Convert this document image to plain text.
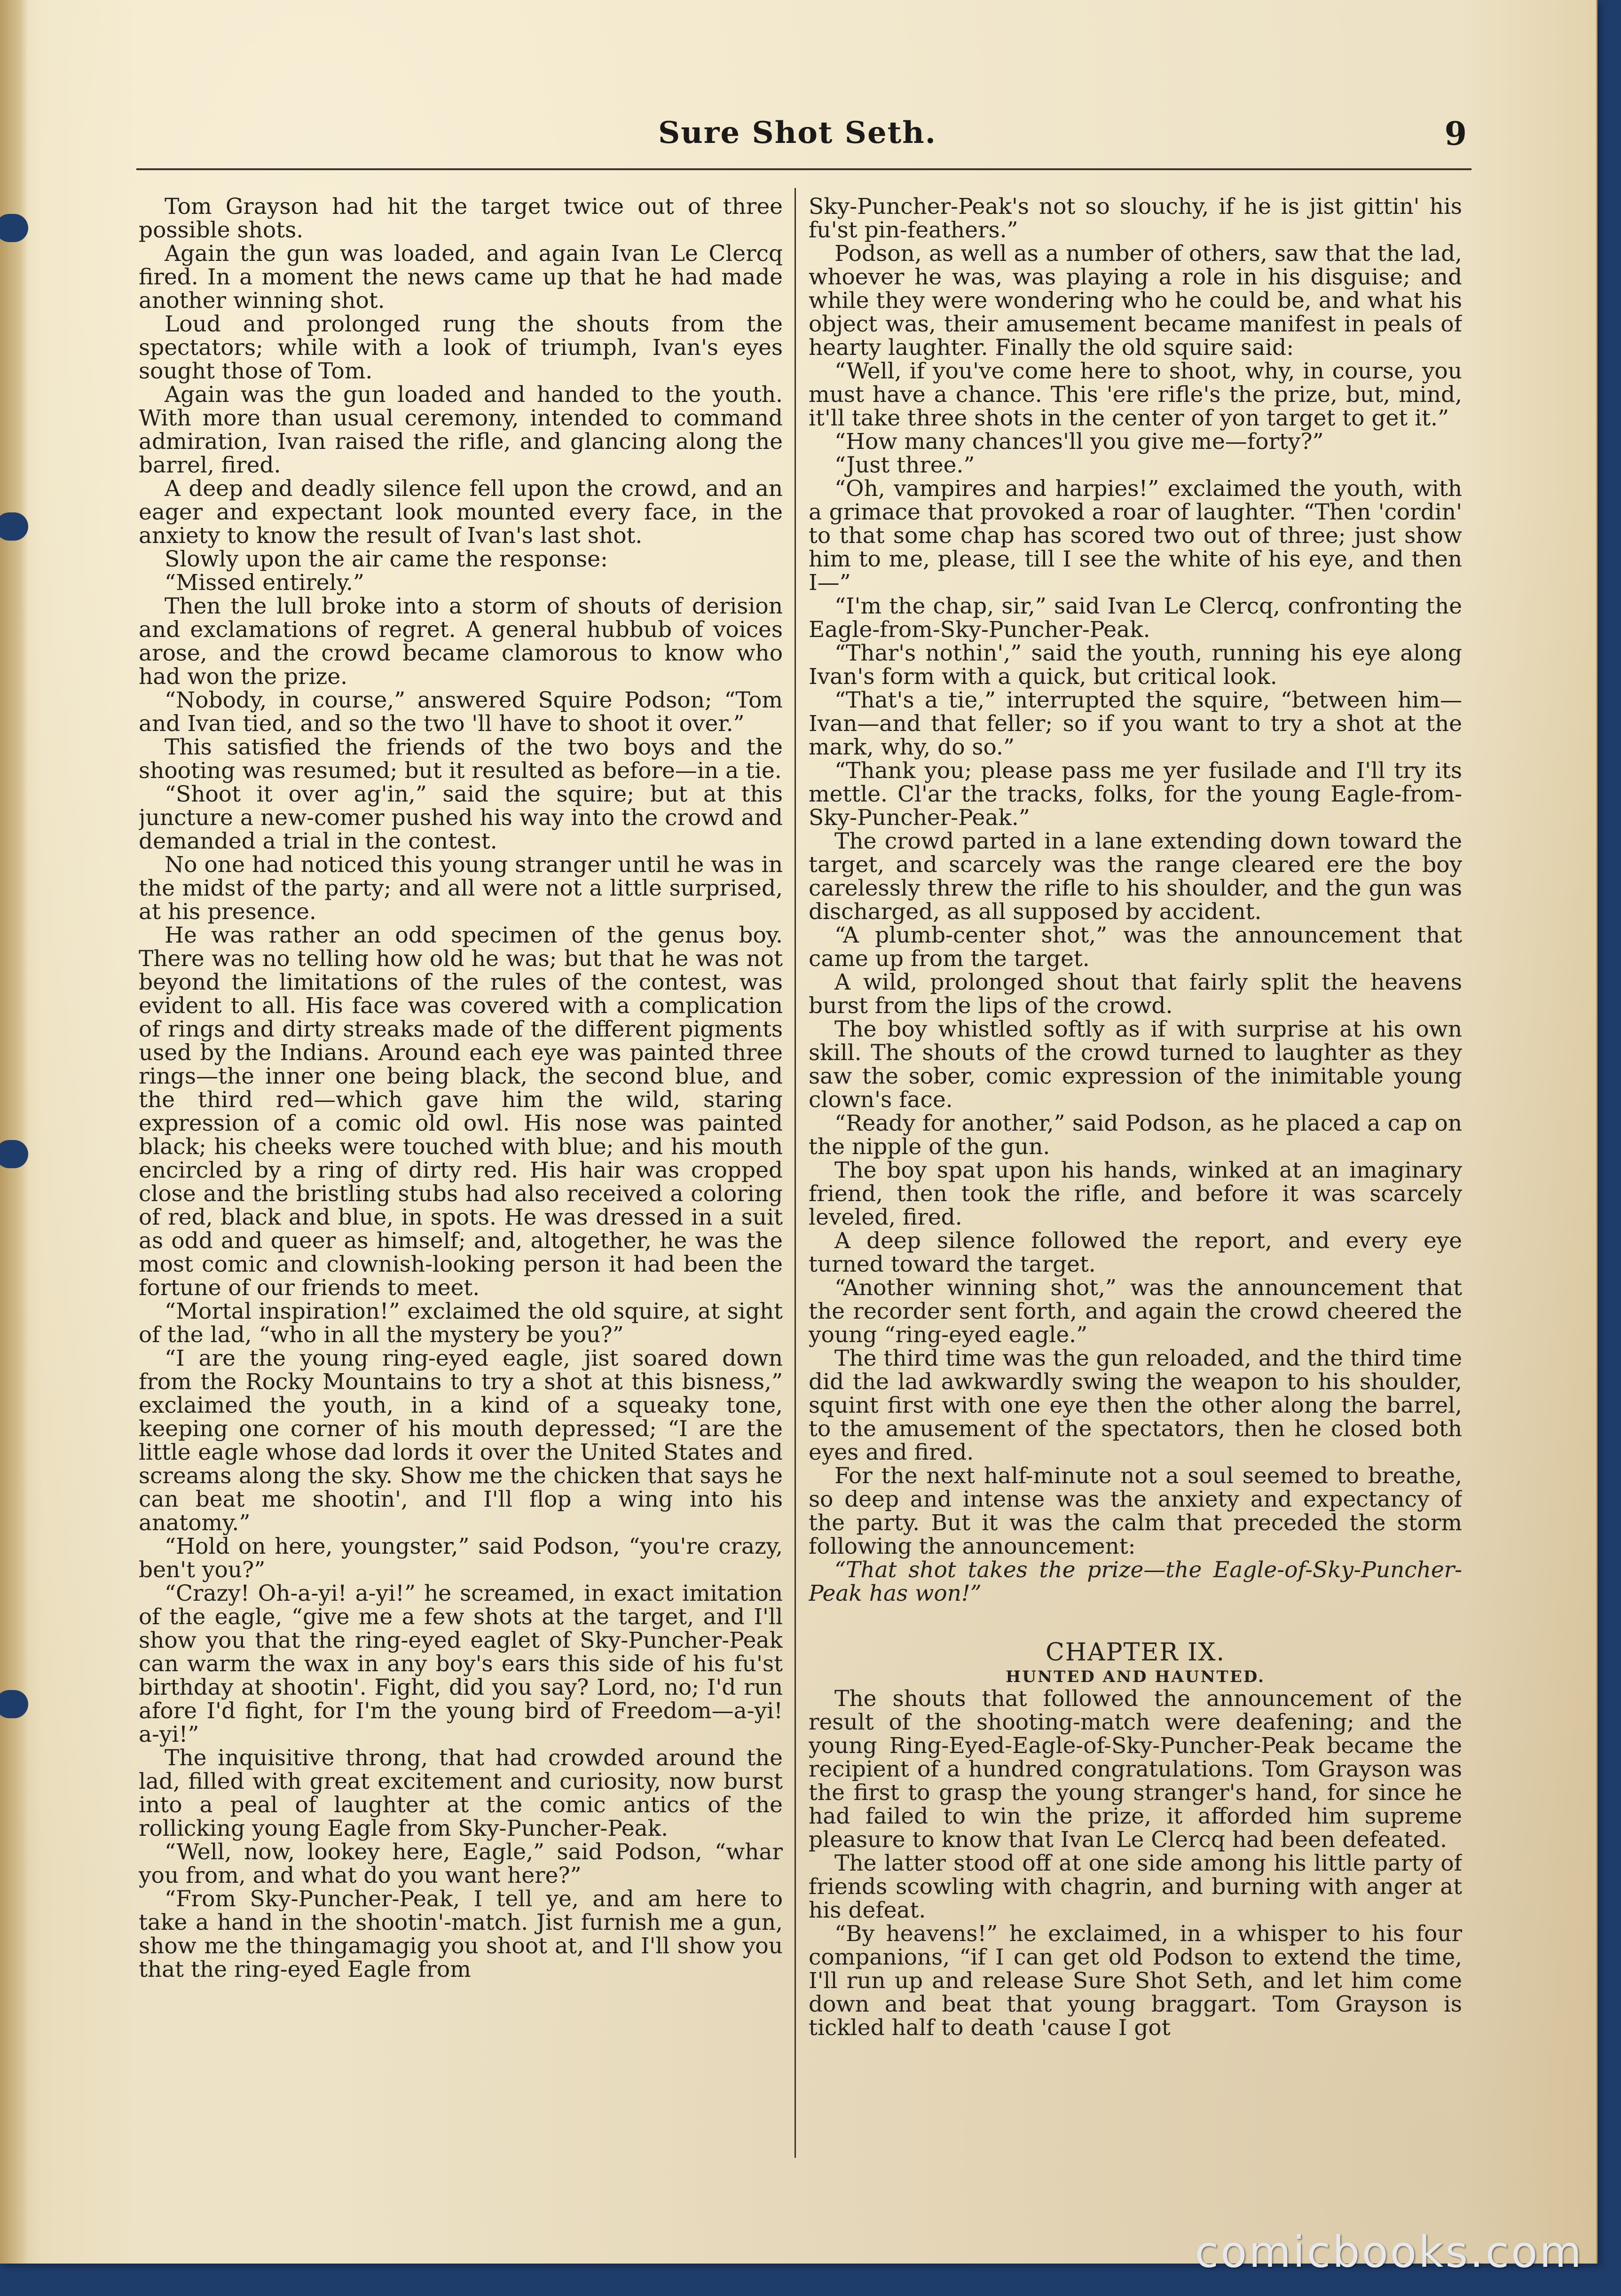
Sure Shot Seth.	9

Tom Grayson had hit the target twice out of three possible shots.

Again the gun was loaded, and again Ivan Le Clercq fired. In a moment the news came up that he had made another winning shot.

Loud and prolonged rung the shouts from the spectators; while with a look of triumph, Ivan's eyes sought those of Tom.

Again was the gun loaded and handed to the youth. With more than usual ceremony, intended to command admiration, Ivan raised the rifle, and glancing along the barrel, fired.

A deep and deadly silence fell upon the crowd, and an eager and expectant look mounted every face, in the anxiety to know the result of Ivan's last shot.

Slowly upon the air came the response:

“Missed entirely.”

Then the lull broke into a storm of shouts of derision and exclamations of regret. A general hubbub of voices arose, and the crowd became clamorous to know who had won the prize.

“Nobody, in course,” answered Squire Podson; “Tom and Ivan tied, and so the two 'll have to shoot it over.”

This satisfied the friends of the two boys and the shooting was resumed; but it resulted as before—in a tie.

“Shoot it over ag'in,” said the squire; but at this juncture a new-comer pushed his way into the crowd and demanded a trial in the contest.

No one had noticed this young stranger until he was in the midst of the party; and all were not a little surprised, at his presence.

He was rather an odd specimen of the genus boy. There was no telling how old he was; but that he was not beyond the limitations of the rules of the contest, was evident to all. His face was covered with a complication of rings and dirty streaks made of the different pigments used by the Indians. Around each eye was painted three rings—the inner one being black, the second blue, and the third red—which gave him the wild, staring expression of a comic old owl. His nose was painted black; his cheeks were touched with blue; and his mouth encircled by a ring of dirty red. His hair was cropped close and the bristling stubs had also received a coloring of red, black and blue, in spots. He was dressed in a suit as odd and queer as himself; and, altogether, he was the most comic and clownish-looking person it had been the fortune of our friends to meet.

“Mortal inspiration!” exclaimed the old squire, at sight of the lad, “who in all the mystery be you?”

“I are the young ring-eyed eagle, jist soared down from the Rocky Mountains to try a shot at this bisness,” exclaimed the youth, in a kind of a squeaky tone, keeping one corner of his mouth depressed; “I are the little eagle whose dad lords it over the United States and screams along the sky. Show me the chicken that says he can beat me shootin', and I'll flop a wing into his anatomy.”

“Hold on here, youngster,” said Podson, “you're crazy, ben't you?”

“Crazy! Oh-a-yi! a-yi!” he screamed, in exact imitation of the eagle, “give me a few shots at the target, and I'll show you that the ring-eyed eaglet of Sky-Puncher-Peak can warm the wax in any boy's ears this side of his fu'st birthday at shootin'. Fight, did you say? Lord, no; I'd run afore I'd fight, for I'm the young bird of Freedom—a-yi! a-yi!”

The inquisitive throng, that had crowded around the lad, filled with great excitement and curiosity, now burst into a peal of laughter at the comic antics of the rollicking young Eagle from Sky-Puncher-Peak.

“Well, now, lookey here, Eagle,” said Podson, “whar you from, and what do you want here?”

“From Sky-Puncher-Peak, I tell ye, and am here to take a hand in the shootin'-match. Jist furnish me a gun, show me the thingamagig you shoot at, and I'll show you that the ring-eyed Eagle from

Sky-Puncher-Peak's not so slouchy, if he is jist gittin' his fu'st pin-feathers.”

Podson, as well as a number of others, saw that the lad, whoever he was, was playing a role in his disguise; and while they were wondering who he could be, and what his object was, their amusement became manifest in peals of hearty laughter. Finally the old squire said:

“Well, if you've come here to shoot, why, in course, you must have a chance. This 'ere rifle's the prize, but, mind, it'll take three shots in the center of yon target to get it.”

“How many chances'll you give me—forty?”

“Just three.”

“Oh, vampires and harpies!” exclaimed the youth, with a grimace that provoked a roar of laughter. “Then 'cordin' to that some chap has scored two out of three; just show him to me, please, till I see the white of his eye, and then I—”

“I'm the chap, sir,” said Ivan Le Clercq, confronting the Eagle-from-Sky-Puncher-Peak.

“Thar's nothin',” said the youth, running his eye along Ivan's form with a quick, but critical look.

“That's a tie,” interrupted the squire, “between him—Ivan—and that feller; so if you want to try a shot at the mark, why, do so.”

“Thank you; please pass me yer fusilade and I'll try its mettle. Cl'ar the tracks, folks, for the young Eagle-from-Sky-Puncher-Peak.”

The crowd parted in a lane extending down toward the target, and scarcely was the range cleared ere the boy carelessly threw the rifle to his shoulder, and the gun was discharged, as all supposed by accident.

“A plumb-center shot,” was the announcement that came up from the target.

A wild, prolonged shout that fairly split the heavens burst from the lips of the crowd.

The boy whistled softly as if with surprise at his own skill. The shouts of the crowd turned to laughter as they saw the sober, comic expression of the inimitable young clown's face.

“Ready for another,” said Podson, as he placed a cap on the nipple of the gun.

The boy spat upon his hands, winked at an imaginary friend, then took the rifle, and before it was scarcely leveled, fired.

A deep silence followed the report, and every eye turned toward the target.

“Another winning shot,” was the announcement that the recorder sent forth, and again the crowd cheered the young “ring-eyed eagle.”

The third time was the gun reloaded, and the third time did the lad awkwardly swing the weapon to his shoulder, squint first with one eye then the other along the barrel, to the amusement of the spectators, then he closed both eyes and fired.

For the next half-minute not a soul seemed to breathe, so deep and intense was the anxiety and expectancy of the party. But it was the calm that preceded the storm following the announcement:

“That shot takes the prize—the Eagle-of-Sky-Puncher-Peak has won!”

CHAPTER IX.

HUNTED AND HAUNTED.

The shouts that followed the announcement of the result of the shooting-match were deafening; and the young Ring-Eyed-Eagle-of-Sky-Puncher-Peak became the recipient of a hundred congratulations. Tom Grayson was the first to grasp the young stranger's hand, for since he had failed to win the prize, it afforded him supreme pleasure to know that Ivan Le Clercq had been defeated.

The latter stood off at one side among his little party of friends scowling with chagrin, and burning with anger at his defeat.

“By heavens!” he exclaimed, in a whisper to his four companions, “if I can get old Podson to extend the time, I'll run up and release Sure Shot Seth, and let him come down and beat that young braggart. Tom Grayson is tickled half to death 'cause I got

comicbooks.com
